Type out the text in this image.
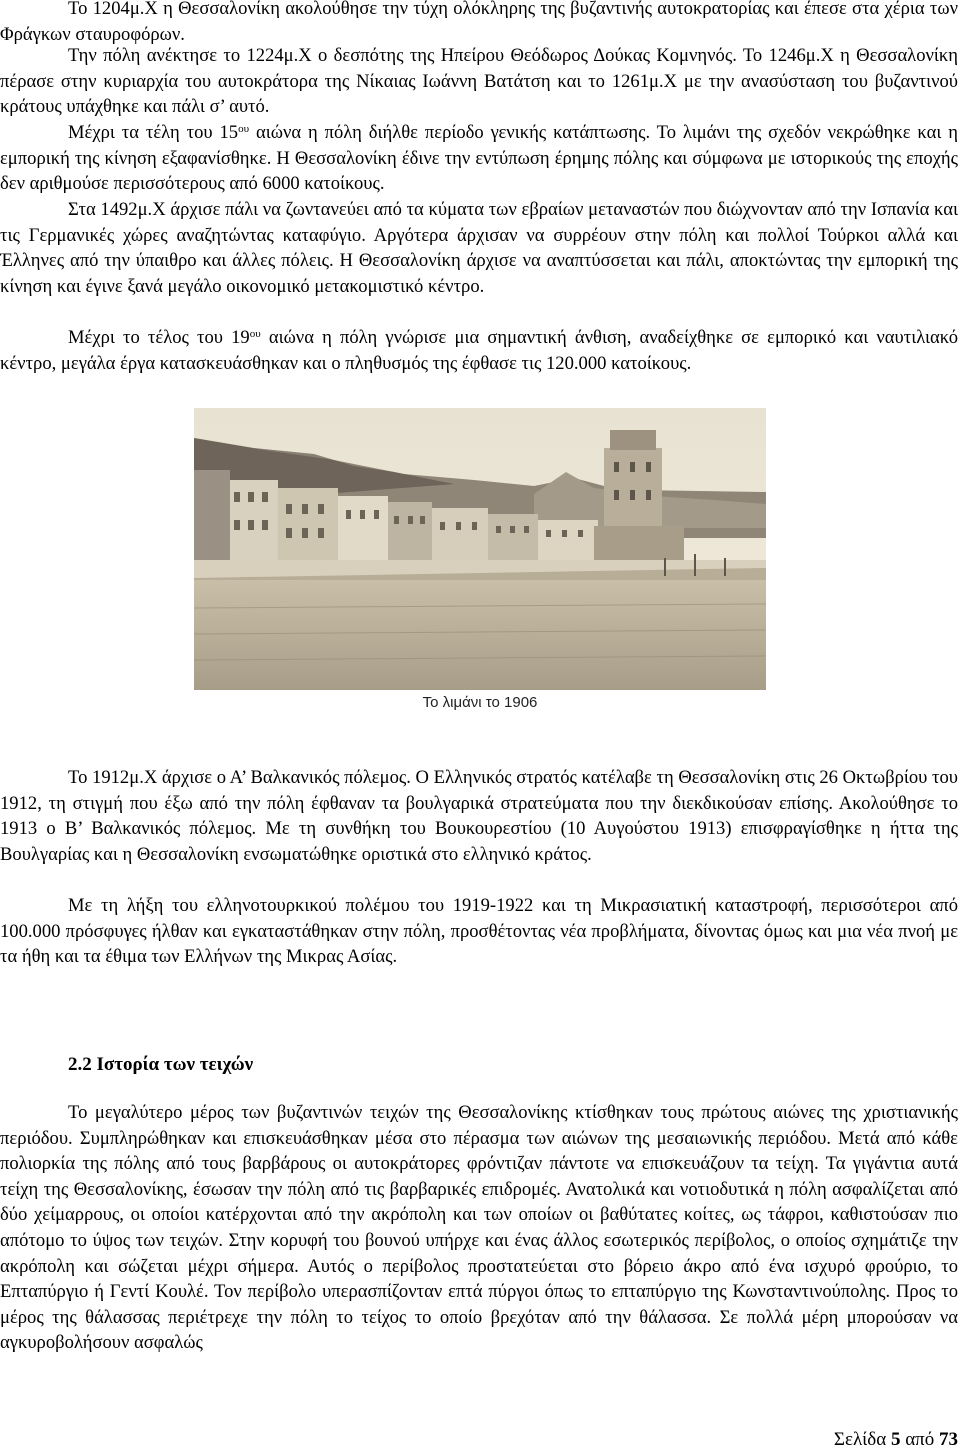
Το 1204μ.Χ η Θεσσαλονίκη ακολούθησε την τύχη ολόκληρης της βυζαντινής αυτοκρατορίας και έπεσε στα χέρια των Φράγκων σταυροφόρων.

Την πόλη ανέκτησε το 1224μ.Χ ο δεσπότης της Ηπείρου Θεόδωρος Δούκας Κομνηνός. Το 1246μ.Χ η Θεσσαλονίκη πέρασε στην κυριαρχία του αυτοκράτορα της Νίκαιας Ιωάννη Βατάτση και το 1261μ.Χ με την ανασύσταση του βυζαντινού κράτους υπάχθηκε και πάλι σ’ αυτό.

Μέχρι τα τέλη του $15^{o\upsilon}$ αιώνα η πόλη διήλθε περίοδο γενικής κατάπτωσης. Το λιμάνι της σχεδόν νεκρώθηκε και η εμπορική της κίνηση εξαφανίσθηκε. Η Θεσσαλονίκη έδινε την εντύπωση έρημης πόλης και σύμφωνα με ιστορικούς της εποχής δεν αριθμούσε περισσότερους από 6000 κατοίκους.

Στα 1492μ.Χ άρχισε πάλι να ζωντανεύει από τα κύματα των εβραίων μεταναστών που διώχνονταν από την Ισπανία και τις Γερμανικές χώρες αναζητώντας καταφύγιο. Αργότερα άρχισαν να συρρέουν στην πόλη και πολλοί Τούρκοι αλλά και Έλληνες από την ύπαιθρο και άλλες πόλεις. Η Θεσσαλονίκη άρχισε να αναπτύσσεται και πάλι, αποκτώντας την εμπορική της κίνηση και έγινε ξανά μεγάλο οικονομικό μετακομιστικό κέντρο.

Μέχρι το τέλος του $19^{o\upsilon}$ αιώνα η πόλη γνώρισε μια σημαντική άνθιση, αναδείχθηκε σε εμπορικό και ναυτιλιακό κέντρο, μεγάλα έργα κατασκευάσθηκαν και ο πληθυσμός της έφθασε τις 120.000 κατοίκους.

Το λιμάνι το 1906

Το 1912μ.Χ άρχισε ο Α’ Βαλκανικός πόλεμος. Ο Ελληνικός στρατός κατέλαβε τη Θεσσαλονίκη στις 26 Οκτωβρίου του 1912, τη στιγμή που έξω από την πόλη έφθαναν τα βουλγαρικά στρατεύματα που την διεκδικούσαν επίσης. Ακολούθησε το 1913 ο Β’ Βαλκανικός πόλεμος. Με τη συνθήκη του Βουκουρεστίου (10 Αυγούστου 1913) επισφραγίσθηκε η ήττα της Βουλγαρίας και η Θεσσαλονίκη ενσωματώθηκε οριστικά στο ελληνικό κράτος.

Με τη λήξη του ελληνοτουρκικού πολέμου του 1919-1922 και τη Μικρασιατική καταστροφή, περισσότεροι από 100.000 πρόσφυγες ήλθαν και εγκαταστάθηκαν στην πόλη, προσθέτοντας νέα προβλήματα, δίνοντας όμως και μια νέα πνοή με τα ήθη και τα έθιμα των Ελλήνων της Μικρας Ασίας.

2.2 Ιστορία των τειχών

Το μεγαλύτερο μέρος των βυζαντινών τειχών της Θεσσαλονίκης κτίσθηκαν τους πρώτους αιώνες της χριστιανικής περιόδου. Συμπληρώθηκαν και επισκευάσθηκαν μέσα στο πέρασμα των αιώνων της μεσαιωνικής περιόδου. Μετά από κάθε πολιορκία της πόλης από τους βαρβάρους οι αυτοκράτορες φρόντιζαν πάντοτε να επισκευάζουν τα τείχη. Τα γιγάντια αυτά τείχη της Θεσσαλονίκης, έσωσαν την πόλη από τις βαρβαρικές επιδρομές. Ανατολικά και νοτιοδυτικά η πόλη ασφαλίζεται από δύο χείμαρρους, οι οποίοι κατέρχονται από την ακρόπολη και των οποίων οι βαθύτατες κοίτες, ως τάφροι, καθιστούσαν πιο απότομο το ύψος των τειχών. Στην κορυφή του βουνού υπήρχε και ένας άλλος εσωτερικός περίβολος, ο οποίος σχημάτιζε την ακρόπολη και σώζεται μέχρι σήμερα. Αυτός ο περίβολος προστατεύεται στο βόρειο άκρο από ένα ισχυρό φρούριο, το Επταπύργιο ή Γεντί Κουλέ. Τον περίβολο υπερασπίζονταν επτά πύργοι όπως το επταπύργιο της Κωνσταντινούπολης. Προς το μέρος της θάλασσας περιέτρεχε την πόλη το τείχος το οποίο βρεχόταν από την θάλασσα. Σε πολλά μέρη μπορούσαν να αγκυροβολήσουν ασφαλώς

Σελίδα 5 από 73
